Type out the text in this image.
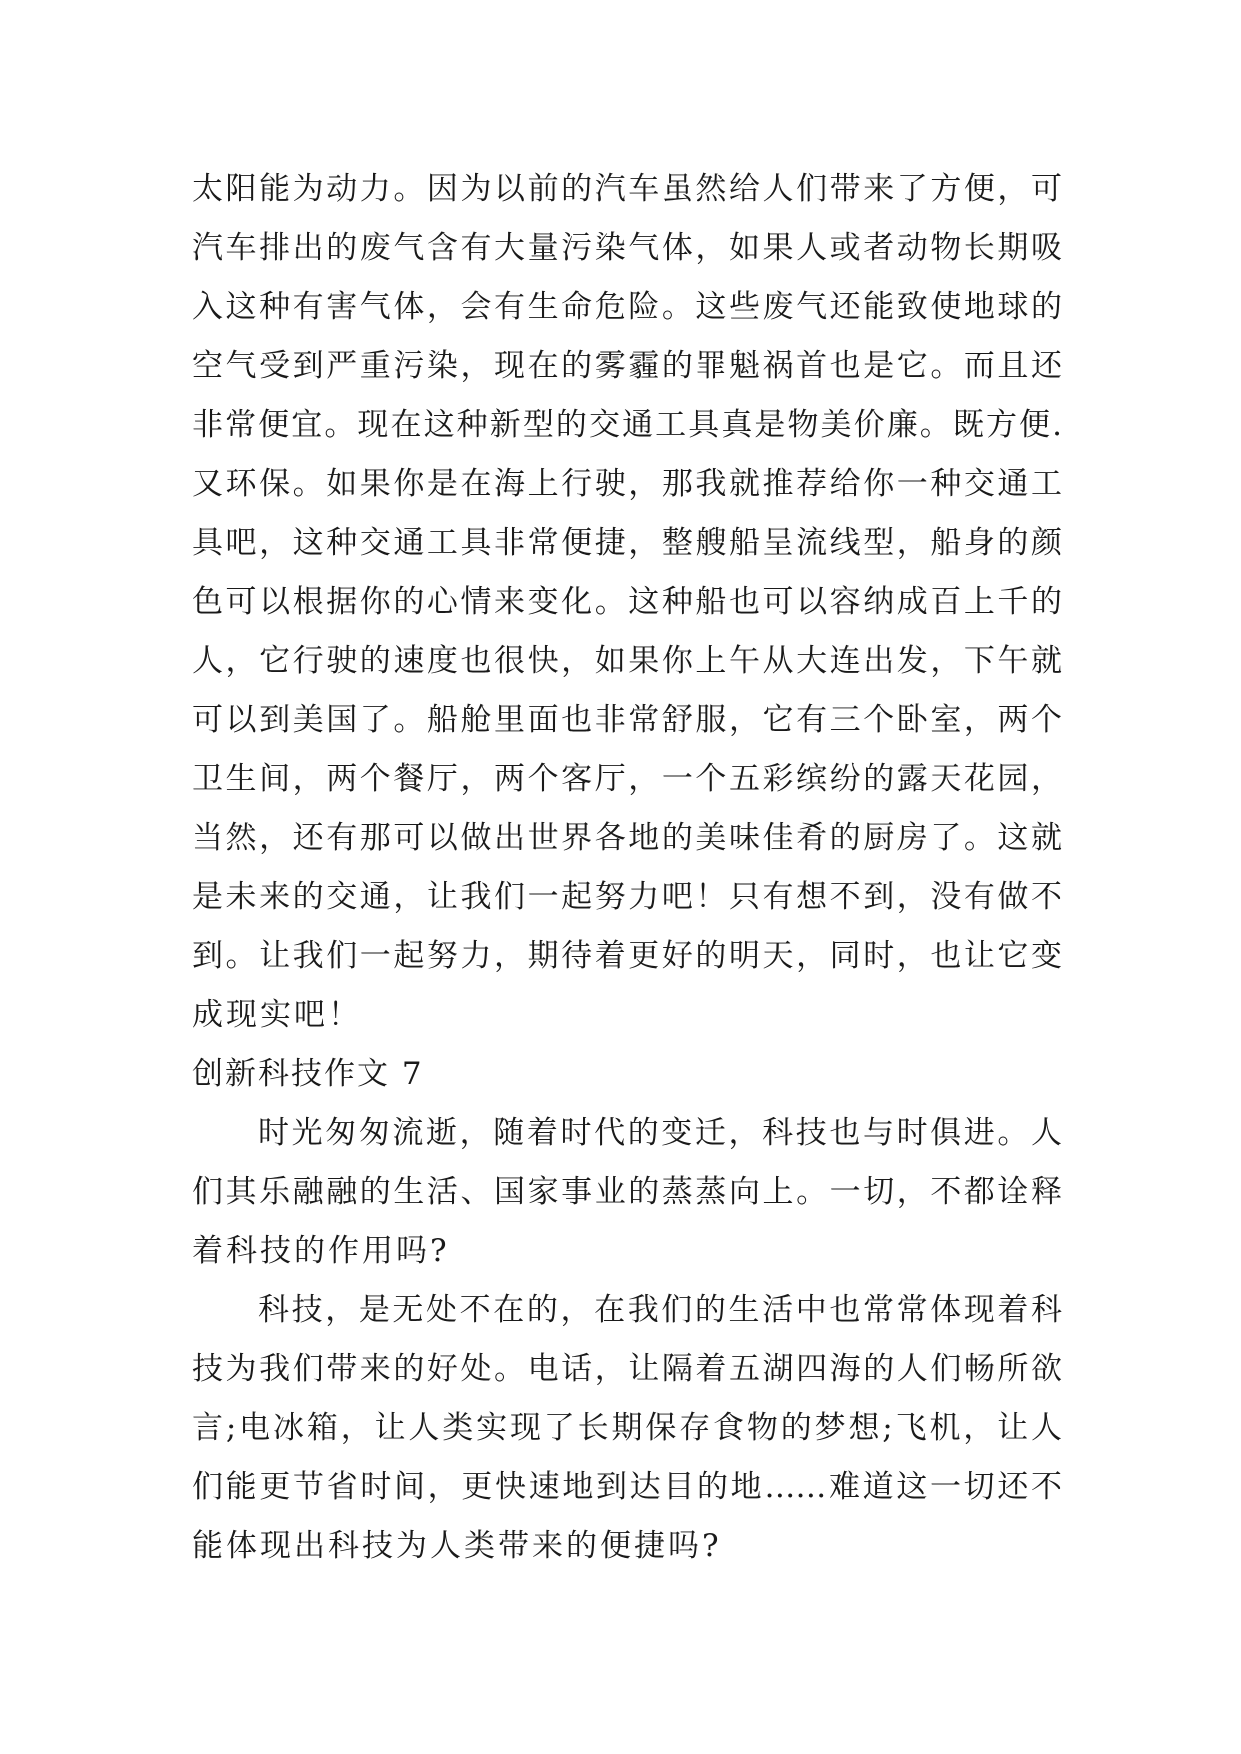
太阳能为动力。因为以前的汽车虽然给人们带来了方便，可
汽车排出的废气含有大量污染气体，如果人或者动物长期吸
入这种有害气体，会有生命危险。这些废气还能致使地球的
空气受到严重污染，现在的雾霾的罪魁祸首也是它。而且还
非常便宜。现在这种新型的交通工具真是物美价廉。既方便.
又环保。如果你是在海上行驶，那我就推荐给你一种交通工
具吧，这种交通工具非常便捷，整艘船呈流线型，船身的颜
色可以根据你的心情来变化。这种船也可以容纳成百上千的
人，它行驶的速度也很快，如果你上午从大连出发，下午就
可以到美国了。船舱里面也非常舒服，它有三个卧室，两个
卫生间，两个餐厅，两个客厅，一个五彩缤纷的露天花园，
当然，还有那可以做出世界各地的美味佳肴的厨房了。这就
是未来的交通，让我们一起努力吧！只有想不到，没有做不
到。让我们一起努力，期待着更好的明天，同时，也让它变
成现实吧！
创新科技作文 7
时光匆匆流逝，随着时代的变迁，科技也与时俱进。人
们其乐融融的生活、国家事业的蒸蒸向上。一切，不都诠释
着科技的作用吗?
科技，是无处不在的，在我们的生活中也常常体现着科
技为我们带来的好处。电话，让隔着五湖四海的人们畅所欲
言;电冰箱，让人类实现了长期保存食物的梦想;飞机，让人
们能更节省时间，更快速地到达目的地……难道这一切还不
能体现出科技为人类带来的便捷吗?
